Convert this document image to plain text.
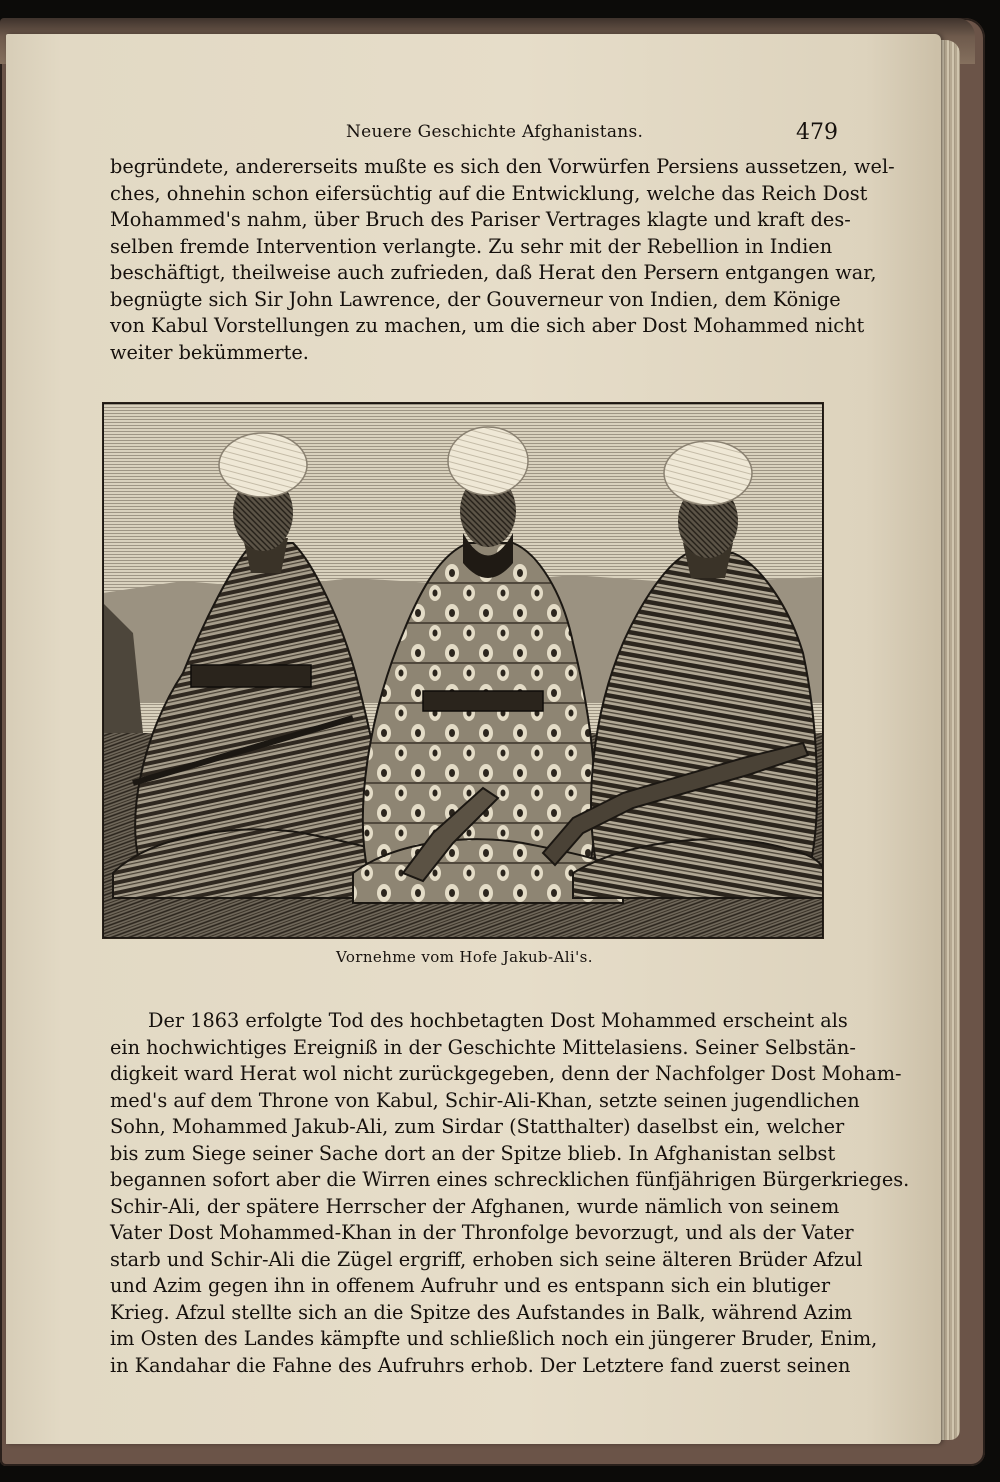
Neuere Geschichte Afghanistans.	479

begründete, andererseits mußte es sich den Vorwürfen Persiens aussetzen, wel-
ches, ohnehin schon eifersüchtig auf die Entwicklung, welche das Reich Dost
Mohammed's nahm, über Bruch des Pariser Vertrages klagte und kraft des-
selben fremde Intervention verlangte. Zu sehr mit der Rebellion in Indien
beschäftigt, theilweise auch zufrieden, daß Herat den Persern entgangen war,
begnügte sich Sir John Lawrence, der Gouverneur von Indien, dem Könige
von Kabul Vorstellungen zu machen, um die sich aber Dost Mohammed nicht
weiter bekümmerte.

Vornehme vom Hofe Jakub-Ali's.

Der 1863 erfolgte Tod des hochbetagten Dost Mohammed erscheint als
ein hochwichtiges Ereigniß in der Geschichte Mittelasiens. Seiner Selbstän-
digkeit ward Herat wol nicht zurückgegeben, denn der Nachfolger Dost Moham-
med's auf dem Throne von Kabul, Schir-Ali-Khan, setzte seinen jugendlichen
Sohn, Mohammed Jakub-Ali, zum Sirdar (Statthalter) daselbst ein, welcher
bis zum Siege seiner Sache dort an der Spitze blieb. In Afghanistan selbst
begannen sofort aber die Wirren eines schrecklichen fünfjährigen Bürgerkrieges.
Schir-Ali, der spätere Herrscher der Afghanen, wurde nämlich von seinem
Vater Dost Mohammed-Khan in der Thronfolge bevorzugt, und als der Vater
starb und Schir-Ali die Zügel ergriff, erhoben sich seine älteren Brüder Afzul
und Azim gegen ihn in offenem Aufruhr und es entspann sich ein blutiger
Krieg. Afzul stellte sich an die Spitze des Aufstandes in Balk, während Azim
im Osten des Landes kämpfte und schließlich noch ein jüngerer Bruder, Enim,
in Kandahar die Fahne des Aufruhrs erhob. Der Letztere fand zuerst seinen
